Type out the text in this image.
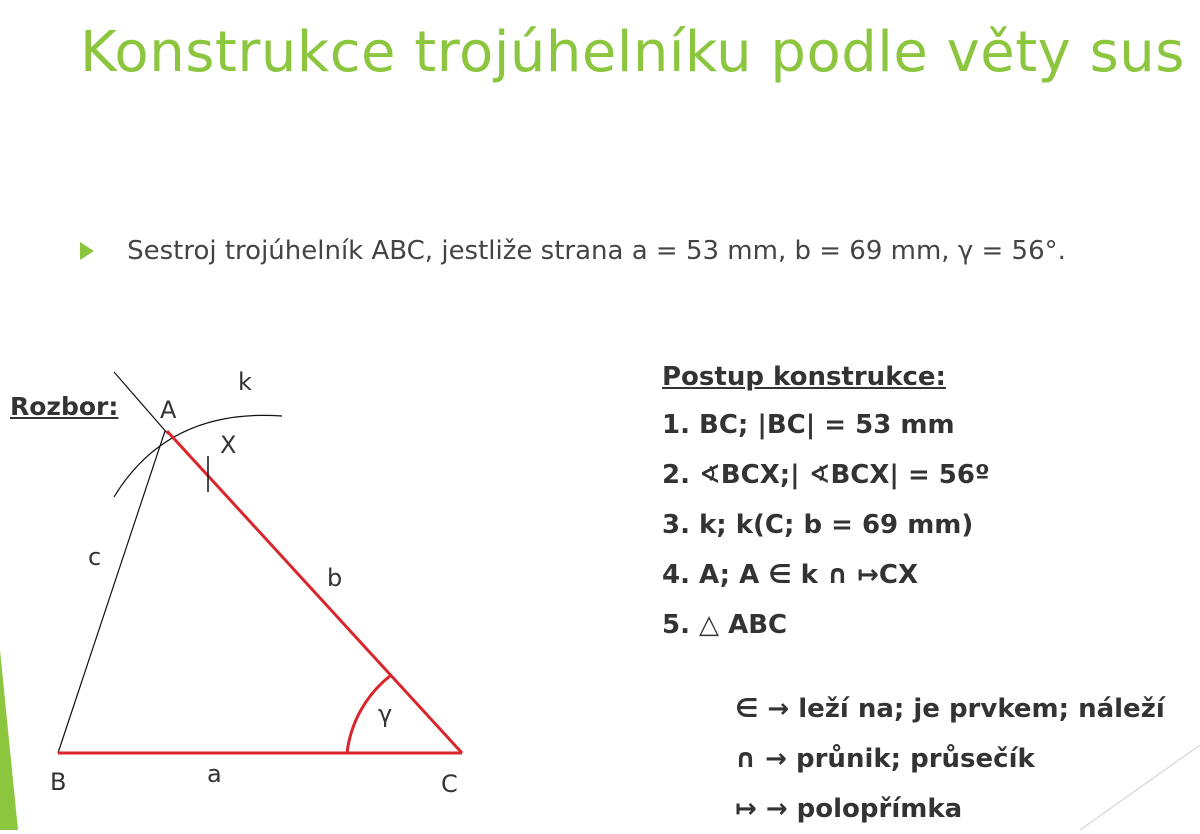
Konstrukce trojúhelníku podle věty sus
Sestroj trojúhelník ABC, jestliže strana a = 53 mm, b = 69 mm, γ = 56°.
Rozbor: A
k
X
c
b
γ
B	a	C
Postup konstrukce:
1. BC; |BC| = 53 mm
2. ∢BCX;| ∢BCX| = 56º
3. k; k(C; b = 69 mm)
4. A; A ∈ k ∩ ↦CX
5. △ ABC
∈ → leží na; je prvkem; náleží
∩ → průnik; průsečík
↦ → polopřímka
